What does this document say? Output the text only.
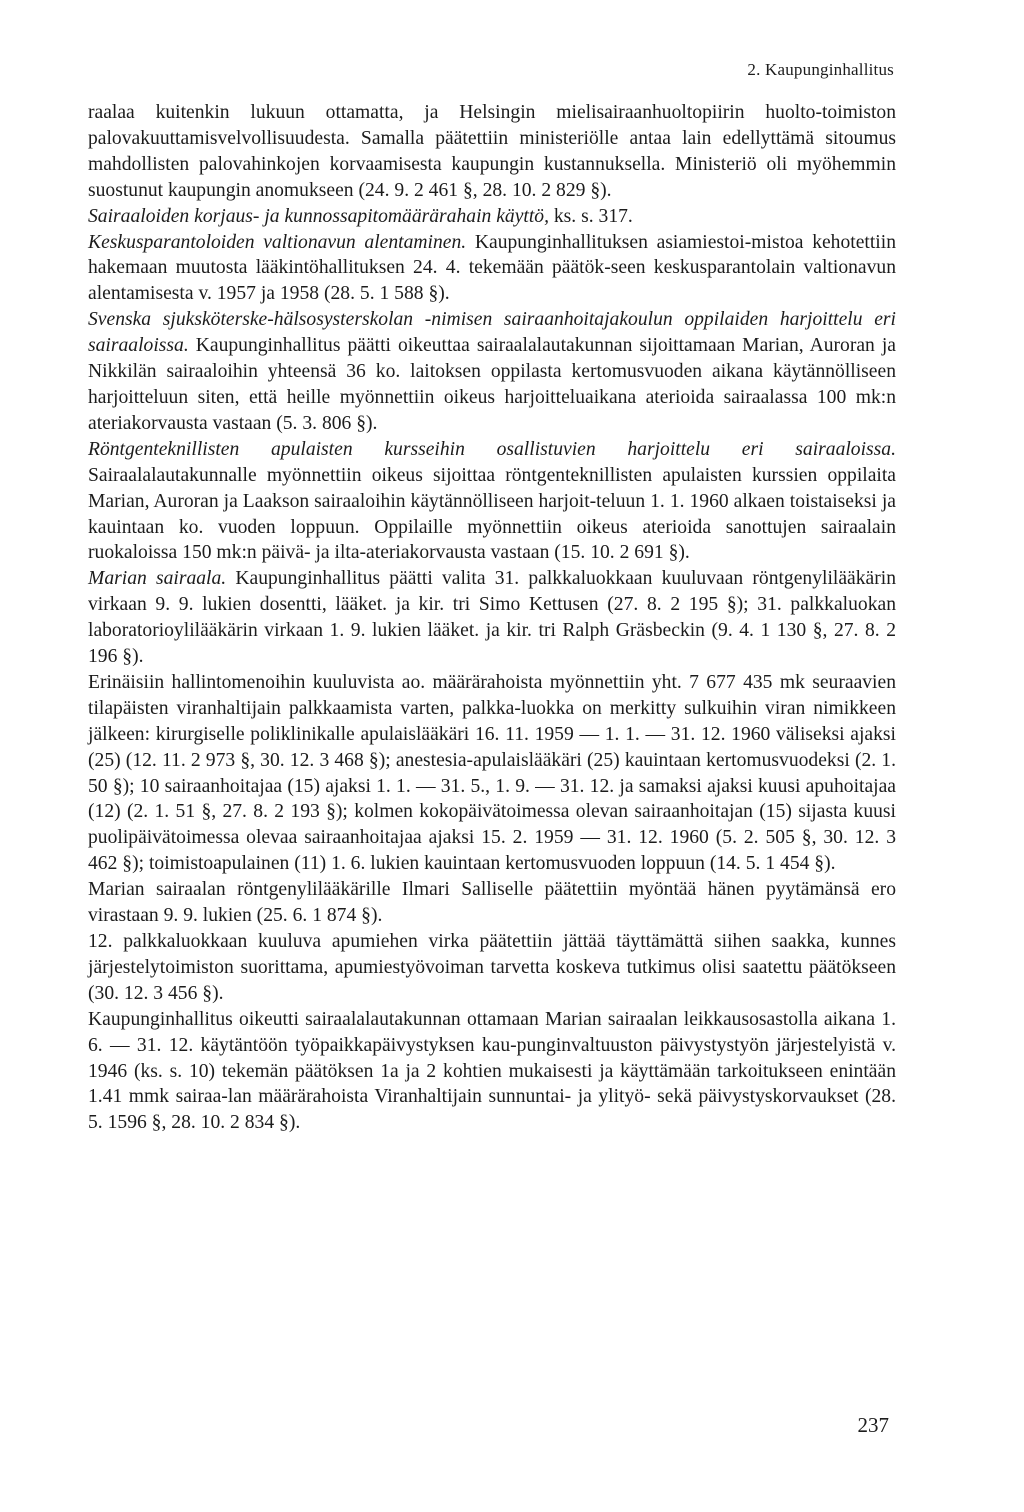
2. Kaupunginhallitus

raalaa kuitenkin lukuun ottamatta, ja Helsingin mielisairaanhuoltopiirin huolto-toimiston palovakuuttamisvelvollisuudesta. Samalla päätettiin ministeriölle antaa lain edellyttämä sitoumus mahdollisten palovahinkojen korvaamisesta kaupungin kustannuksella. Ministeriö oli myöhemmin suostunut kaupungin anomukseen (24. 9. 2 461 §, 28. 10. 2 829 §).

Sairaaloiden korjaus- ja kunnossapitomäärärahain käyttö, ks. s. 317.

Keskusparantoloiden valtionavun alentaminen. Kaupunginhallituksen asiamiestoi-mistoa kehotettiin hakemaan muutosta lääkintöhallituksen 24. 4. tekemään päätök-seen keskusparantolain valtionavun alentamisesta v. 1957 ja 1958 (28. 5. 1 588 §).

Svenska sjuksköterske-hälsosysterskolan -nimisen sairaanhoitajakoulun oppilaiden harjoittelu eri sairaaloissa. Kaupunginhallitus päätti oikeuttaa sairaalalautakunnan sijoittamaan Marian, Auroran ja Nikkilän sairaaloihin yhteensä 36 ko. laitoksen oppilasta kertomusvuoden aikana käytännölliseen harjoitteluun siten, että heille myönnettiin oikeus harjoitteluaikana aterioida sairaalassa 100 mk:n ateriakorvausta vastaan (5. 3. 806 §).

Röntgenteknillisten apulaisten kursseihin osallistuvien harjoittelu eri sairaaloissa. Sairaalalautakunnalle myönnettiin oikeus sijoittaa röntgenteknillisten apulaisten kurssien oppilaita Marian, Auroran ja Laakson sairaaloihin käytännölliseen harjoit-teluun 1. 1. 1960 alkaen toistaiseksi ja kauintaan ko. vuoden loppuun. Oppilaille myönnettiin oikeus aterioida sanottujen sairaalain ruokaloissa 150 mk:n päivä- ja ilta-ateriakorvausta vastaan (15. 10. 2 691 §).

Marian sairaala. Kaupunginhallitus päätti valita 31. palkkaluokkaan kuuluvaan röntgenylilääkärin virkaan 9. 9. lukien dosentti, lääket. ja kir. tri Simo Kettusen (27. 8. 2 195 §); 31. palkkaluokan laboratorioylilääkärin virkaan 1. 9. lukien lääket. ja kir. tri Ralph Gräsbeckin (9. 4. 1 130 §, 27. 8. 2 196 §).

Erinäisiin hallintomenoihin kuuluvista ao. määrärahoista myönnettiin yht. 7 677 435 mk seuraavien tilapäisten viranhaltijain palkkaamista varten, palkka-luokka on merkitty sulkuihin viran nimikkeen jälkeen: kirurgiselle poliklinikalle apulaislääkäri 16. 11. 1959 — 1. 1. — 31. 12. 1960 väliseksi ajaksi (25) (12. 11. 2 973 §, 30. 12. 3 468 §); anestesia-apulaislääkäri (25) kauintaan kertomusvuodeksi (2. 1. 50 §); 10 sairaanhoitajaa (15) ajaksi 1. 1. — 31. 5., 1. 9. — 31. 12. ja samaksi ajaksi kuusi apuhoitajaa (12) (2. 1. 51 §, 27. 8. 2 193 §); kolmen kokopäivätoimessa olevan sairaanhoitajan (15) sijasta kuusi puolipäivätoimessa olevaa sairaanhoitajaa ajaksi 15. 2. 1959 — 31. 12. 1960 (5. 2. 505 §, 30. 12. 3 462 §); toimistoapulainen (11) 1. 6. lukien kauintaan kertomusvuoden loppuun (14. 5. 1 454 §).

Marian sairaalan röntgenylilääkärille Ilmari Salliselle päätettiin myöntää hänen pyytämänsä ero virastaan 9. 9. lukien (25. 6. 1 874 §).

12. palkkaluokkaan kuuluva apumiehen virka päätettiin jättää täyttämättä siihen saakka, kunnes järjestelytoimiston suorittama, apumiestyövoiman tarvetta koskeva tutkimus olisi saatettu päätökseen (30. 12. 3 456 §).

Kaupunginhallitus oikeutti sairaalalautakunnan ottamaan Marian sairaalan leikkausosastolla aikana 1. 6. — 31. 12. käytäntöön työpaikkapäivystyksen kau-punginvaltuuston päivystystyön järjestelyistä v. 1946 (ks. s. 10) tekemän päätöksen 1a ja 2 kohtien mukaisesti ja käyttämään tarkoitukseen enintään 1.41 mmk sairaa-lan määrärahoista Viranhaltijain sunnuntai- ja ylityö- sekä päivystyskorvaukset (28. 5. 1596 §, 28. 10. 2 834 §).

237
